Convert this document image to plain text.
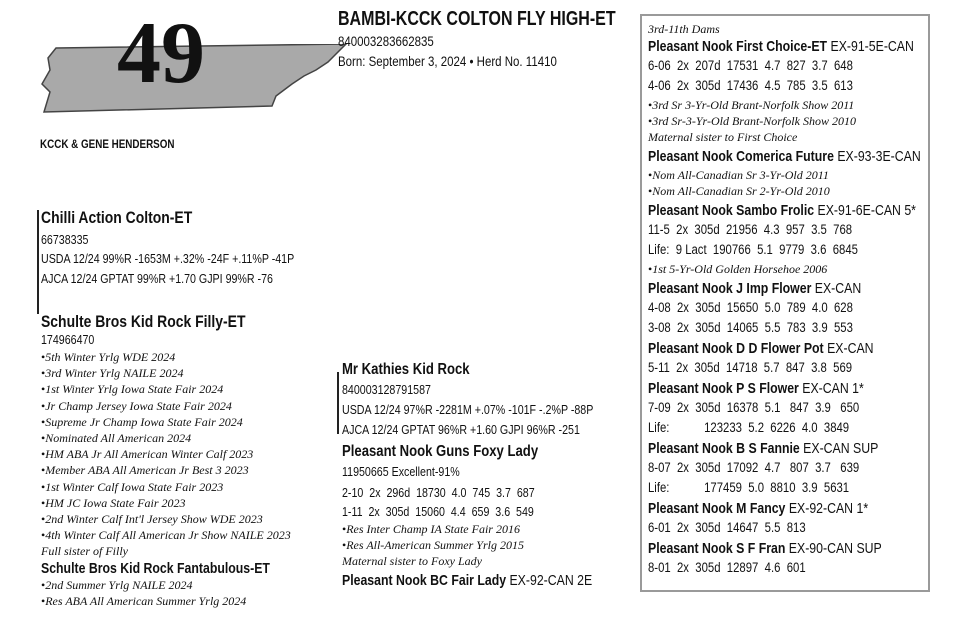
49
KCCK & GENE HENDERSON
BAMBI-KCCK COLTON FLY HIGH-ET
840003283662835
Born: September 3, 2024 • Herd No. 11410
Chilli Action Colton-ET
66738335
USDA 12/24 99%R -1653M +.32% -24F +.11%P -41P
AJCA 12/24 GPTAT 99%R +1.70 GJPI 99%R -76
Schulte Bros Kid Rock Filly-ET
174966470
• 5th Winter Yrlg WDE 2024
• 3rd Winter Yrlg NAILE 2024
• 1st Winter Yrlg Iowa State Fair 2024
• Jr Champ Jersey Iowa State Fair 2024
• Supreme Jr Champ Iowa State Fair 2024
• Nominated All American 2024
• HM ABA Jr All American Winter Calf 2023
• Member ABA All American Jr Best 3 2023
• 1st Winter Calf Iowa State Fair 2023
• HM JC Iowa State Fair 2023
• 2nd Winter Calf Int'l Jersey Show WDE 2023
• 4th Winter Calf All American Jr Show NAILE 2023
Full sister of Filly
Schulte Bros Kid Rock Fantabulous-ET
• 2nd Summer Yrlg NAILE 2024
• Res ABA All American Summer Yrlg 2024
Mr Kathies Kid Rock
840003128791587
USDA 12/24 97%R -2281M +.07% -101F -.2%P -88P
AJCA 12/24 GPTAT 96%R +1.60 GJPI 96%R -251
Pleasant Nook Guns Foxy Lady
11950665 Excellent-91%
2-10  2x  296d  18730  4.0  745  3.7  687
1-11  2x  305d  15060  4.4  659  3.6  549
• Res Inter Champ IA State Fair 2016
• Res All-American Summer Yrlg 2015
Maternal sister to Foxy Lady
Pleasant Nook BC Fair Lady EX-92-CAN 2E
3rd-11th Dams
Pleasant Nook First Choice-ET EX-91-5E-CAN
6-06  2x  207d  17531  4.7  827  3.7  648
4-06  2x  305d  17436  4.5  785  3.5  613
• 3rd Sr 3-Yr-Old Brant-Norfolk Show 2011
• 3rd Sr-3-Yr-Old Brant-Norfolk Show 2010
Maternal sister to First Choice
Pleasant Nook Comerica Future EX-93-3E-CAN
• Nom All-Canadian Sr 3-Yr-Old 2011
• Nom All-Canadian Sr 2-Yr-Old 2010
Pleasant Nook Sambo Frolic EX-91-6E-CAN 5*
11-5  2x  305d  21956  4.3  957  3.5  768
Life:  9 Lact  190766  5.1  9779  3.6  6845
• 1st 5-Yr-Old Golden Horsehoe 2006
Pleasant Nook J Imp Flower EX-CAN
4-08  2x  305d  15650  5.0  789  4.0  628
3-08  2x  305d  14065  5.5  783  3.9  553
Pleasant Nook D D Flower Pot EX-CAN
5-11  2x  305d  14718  5.7  847  3.8  569
Pleasant Nook P S Flower EX-CAN 1*
7-09  2x  305d  16378  5.1   847  3.9   650
Life:           123233  5.2  6226  4.0  3849
Pleasant Nook B S Fannie EX-CAN SUP
8-07  2x  305d  17092  4.7   807  3.7   639
Life:           177459  5.0  8810  3.9  5631
Pleasant Nook M Fancy EX-92-CAN 1*
6-01  2x  305d  14647  5.5  813
Pleasant Nook S F Fran EX-90-CAN SUP
8-01  2x  305d  12897  4.6  601
